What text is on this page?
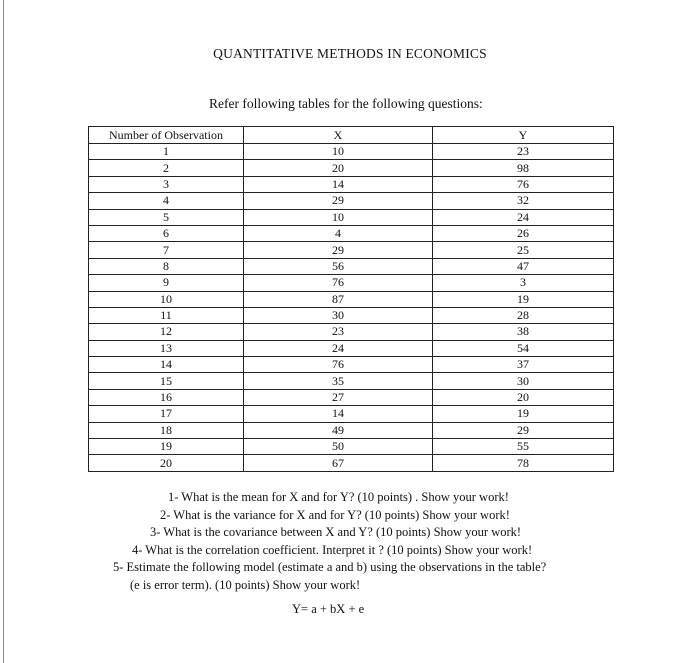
QUANTITATIVE METHODS IN ECONOMICS
Refer following tables for the following questions:
Number of Observation	X	Y
1	10	23
2	20	98
3	14	76
4	29	32
5	10	24
6	4	26
7	29	25
8	56	47
9	76	3
10	87	19
11	30	28
12	23	38
13	24	54
14	76	37
15	35	30
16	27	20
17	14	19
18	49	29
19	50	55
20	67	78
1- What is the mean for X and for Y? (10 points) . Show your work!
2- What is the variance for X and for Y? (10 points) Show your work!
3- What is the covariance between X and Y? (10 points) Show your work!
4- What is the correlation coefficient. Interpret it ? (10 points) Show your work!
5- Estimate the following model (estimate a and b) using the observations in the table?
(e is error term). (10 points) Show your work!
Y= a + bX + e
